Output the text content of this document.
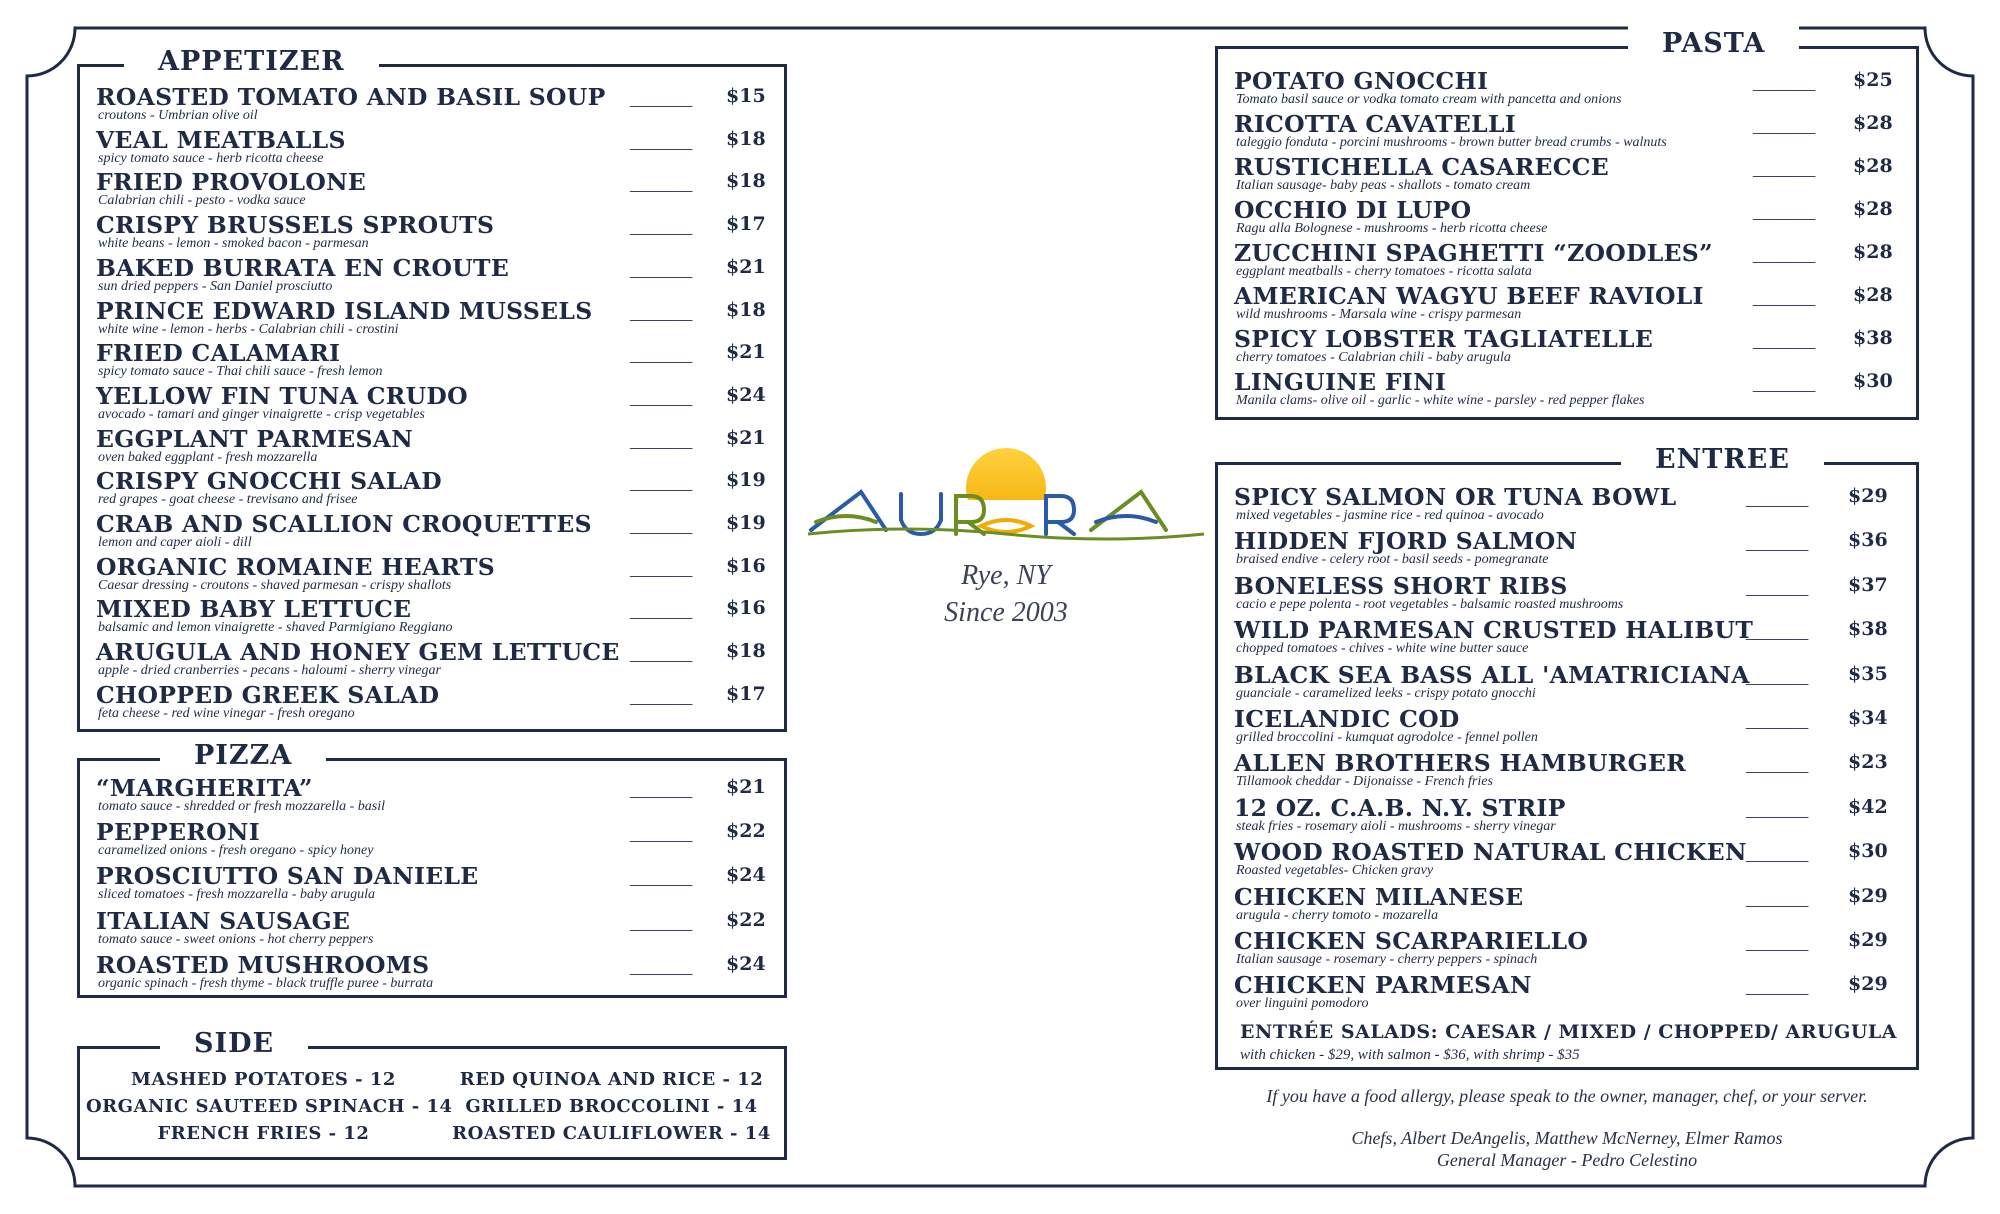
APPETIZER
ROASTED TOMATO AND BASIL SOUP
croutons - Umbrian olive oil
________ $15
VEAL MEATBALLS
spicy tomato sauce - herb ricotta cheese
________ $18
FRIED PROVOLONE
Calabrian chili - pesto - vodka sauce
________ $18
CRISPY BRUSSELS SPROUTS
white beans - lemon - smoked bacon - parmesan
________ $17
BAKED BURRATA EN CROUTE
sun dried peppers - San Daniel prosciutto
________ $21
PRINCE EDWARD ISLAND MUSSELS
white wine - lemon - herbs - Calabrian chili - crostini
________ $18
FRIED CALAMARI
spicy tomato sauce - Thai chili sauce - fresh lemon
________ $21
YELLOW FIN TUNA CRUDO
avocado - tamari and ginger vinaigrette - crisp vegetables
________ $24
EGGPLANT PARMESAN
oven baked eggplant - fresh mozzarella
________ $21
CRISPY GNOCCHI SALAD
red grapes - goat cheese - trevisano and frisee
________ $19
CRAB AND SCALLION CROQUETTES
lemon and caper aioli - dill
________ $19
ORGANIC ROMAINE HEARTS
Caesar dressing - croutons - shaved parmesan - crispy shallots
________ $16
MIXED BABY LETTUCE
balsamic and lemon vinaigrette - shaved Parmigiano Reggiano
________ $16
ARUGULA AND HONEY GEM LETTUCE
apple - dried cranberries - pecans - haloumi - sherry vinegar
________ $18
CHOPPED GREEK SALAD
feta cheese - red wine vinegar - fresh oregano
________ $17
PIZZA
“MARGHERITA”
tomato sauce - shredded or fresh mozzarella - basil
________ $21
PEPPERONI
caramelized onions - fresh oregano - spicy honey
________ $22
PROSCIUTTO SAN DANIELE
sliced tomatoes - fresh mozzarella - baby arugula
________ $24
ITALIAN SAUSAGE
tomato sauce - sweet onions - hot cherry peppers
________ $22
ROASTED MUSHROOMS
organic spinach - fresh thyme - black truffle puree - burrata
________ $24
SIDE
MASHED POTATOES - 12
ORGANIC SAUTEED SPINACH - 14
FRENCH FRIES - 12
RED QUINOA AND RICE - 12
GRILLED BROCCOLINI - 14
ROASTED CAULIFLOWER - 14
Rye, NY
Since 2003
PASTA
POTATO GNOCCHI
Tomato basil sauce or vodka tomato cream with pancetta and onions
________ $25
RICOTTA CAVATELLI
taleggio fonduta - porcini mushrooms - brown butter bread crumbs - walnuts
________ $28
RUSTICHELLA CASARECCE
Italian sausage- baby peas - shallots - tomato cream
________ $28
OCCHIO DI LUPO
Ragu alla Bolognese - mushrooms - herb ricotta cheese
________ $28
ZUCCHINI SPAGHETTI “ZOODLES”
eggplant meatballs - cherry tomatoes - ricotta salata
________ $28
AMERICAN WAGYU BEEF RAVIOLI
wild mushrooms - Marsala wine - crispy parmesan
________ $28
SPICY LOBSTER TAGLIATELLE
cherry tomatoes - Calabrian chili - baby arugula
________ $38
LINGUINE FINI
Manila clams- olive oil - garlic - white wine - parsley - red pepper flakes
________ $30
ENTREE
SPICY SALMON OR TUNA BOWL
mixed vegetables - jasmine rice - red quinoa - avocado
________ $29
HIDDEN FJORD SALMON
braised endive - celery root - basil seeds - pomegranate
________ $36
BONELESS SHORT RIBS
cacio e pepe polenta - root vegetables - balsamic roasted mushrooms
________ $37
WILD PARMESAN CRUSTED HALIBUT
chopped tomatoes - chives - white wine butter sauce
________ $38
BLACK SEA BASS ALL 'AMATRICIANA
guanciale - caramelized leeks - crispy potato gnocchi
________ $35
ICELANDIC COD
grilled broccolini - kumquat agrodolce - fennel pollen
________ $34
ALLEN BROTHERS HAMBURGER
Tillamook cheddar - Dijonaisse - French fries
________ $23
12 OZ. C.A.B. N.Y. STRIP
steak fries - rosemary aioli - mushrooms - sherry vinegar
________ $42
WOOD ROASTED NATURAL CHICKEN
Roasted vegetables- Chicken gravy
________ $30
CHICKEN MILANESE
arugula - cherry tomoto - mozarella
________ $29
CHICKEN SCARPARIELLO
Italian sausage - rosemary - cherry peppers - spinach
________ $29
CHICKEN PARMESAN
over linguini pomodoro
________ $29
ENTRÉE SALADS: CAESAR / MIXED / CHOPPED/ ARUGULA
with chicken - $29, with salmon - $36, with shrimp - $35
If you have a food allergy, please speak to the owner, manager, chef, or your server.
Chefs, Albert DeAngelis, Matthew McNerney, Elmer Ramos
General Manager - Pedro Celestino
